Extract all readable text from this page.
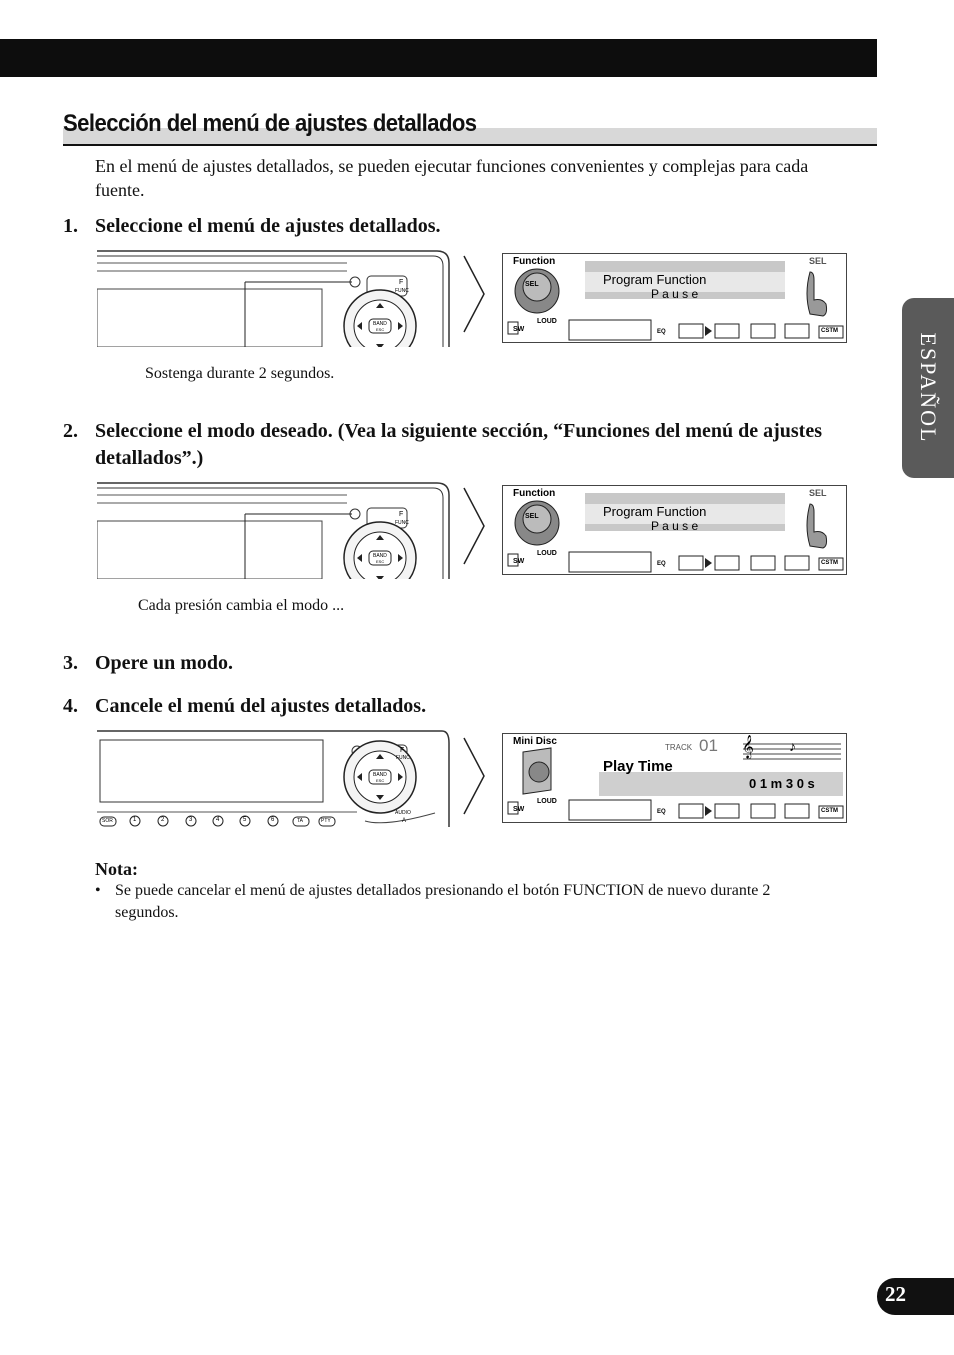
Selección del menú de ajustes detallados

En el menú de ajustes detallados, se pueden ejecutar funciones convenientes y complejas para cada fuente.

1. Seleccione el menú de ajustes detallados.
F
FUNC
BAND
ESC
Function	SEL
Program Function
P a u s e
SEL
SW
LOUD
EQ	CSTM
Sostenga durante 2 segundos.
2. Seleccione el modo deseado. (Vea la siguiente sección, “Funciones del menú de ajustes detallados”.)
F
FUNC
BAND
ESC
Function	SEL
Program Function
P a u s e
SEL
SW
LOUD
EQ	CSTM
Cada presión cambia el modo ...
3. Opere un modo.
4. Cancele el menú del ajustes detallados.
F
FUNC
BAND
ESC
AUDIO
A
SOR	1	2	3	4	5	6	TA	PTY
Mini Disc
TRACK 01 𝄞	♪
Play Time
0 1 m 3 0 s
SW
LOUD
EQ	CSTM
Nota:
• Se puede cancelar el menú de ajustes detallados presionando el botón FUNCTION de nuevo durante 2 segundos.
ESPAÑOL
22
